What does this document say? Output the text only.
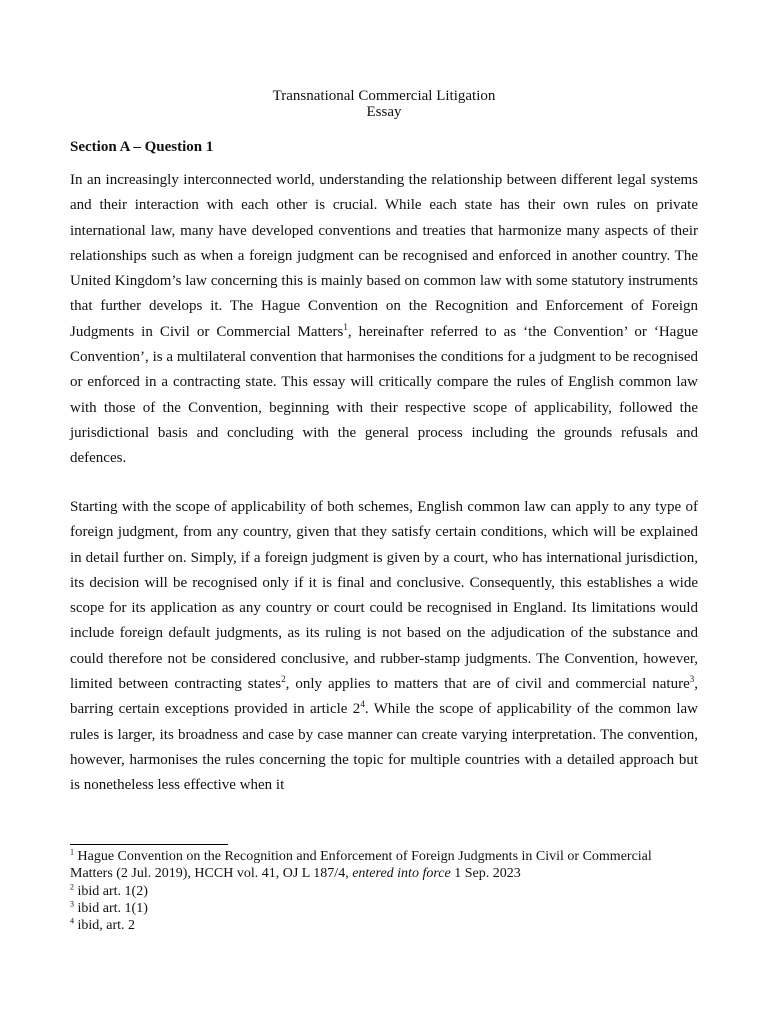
Transnational Commercial Litigation
Essay
Section A – Question 1
In an increasingly interconnected world, understanding the relationship between different legal systems and their interaction with each other is crucial. While each state has their own rules on private international law, many have developed conventions and treaties that harmonize many aspects of their relationships such as when a foreign judgment can be recognised and enforced in another country. The United Kingdom’s law concerning this is mainly based on common law with some statutory instruments that further develops it. The Hague Convention on the Recognition and Enforcement of Foreign Judgments in Civil or Commercial Matters$^1$, hereinafter referred to as ‘the Convention’ or ‘Hague Convention’, is a multilateral convention that harmonises the conditions for a judgment to be recognised or enforced in a contracting state. This essay will critically compare the rules of English common law with those of the Convention, beginning with their respective scope of applicability, followed the jurisdictional basis and concluding with the general process including the grounds refusals and defences.
Starting with the scope of applicability of both schemes, English common law can apply to any type of foreign judgment, from any country, given that they satisfy certain conditions, which will be explained in detail further on. Simply, if a foreign judgment is given by a court, who has international jurisdiction, its decision will be recognised only if it is final and conclusive. Consequently, this establishes a wide scope for its application as any country or court could be recognised in England. Its limitations would include foreign default judgments, as its ruling is not based on the adjudication of the substance and could therefore not be considered conclusive, and rubber-stamp judgments. The Convention, however, limited between contracting states$^2$, only applies to matters that are of civil and commercial nature$^3$, barring certain exceptions provided in article $2^4$. While the scope of applicability of the common law rules is larger, its broadness and case by case manner can create varying interpretation. The convention, however, harmonises the rules concerning the topic for multiple countries with a detailed approach but is nonetheless less effective when it
$^1$ Hague Convention on the Recognition and Enforcement of Foreign Judgments in Civil or Commercial Matters (2 Jul. 2019), HCCH vol. 41, OJ L 187/4, entered into force 1 Sep. 2023
$^2$ ibid art. 1(2)
$^3$ ibid art. 1(1)
$^4$ ibid, art. 2
